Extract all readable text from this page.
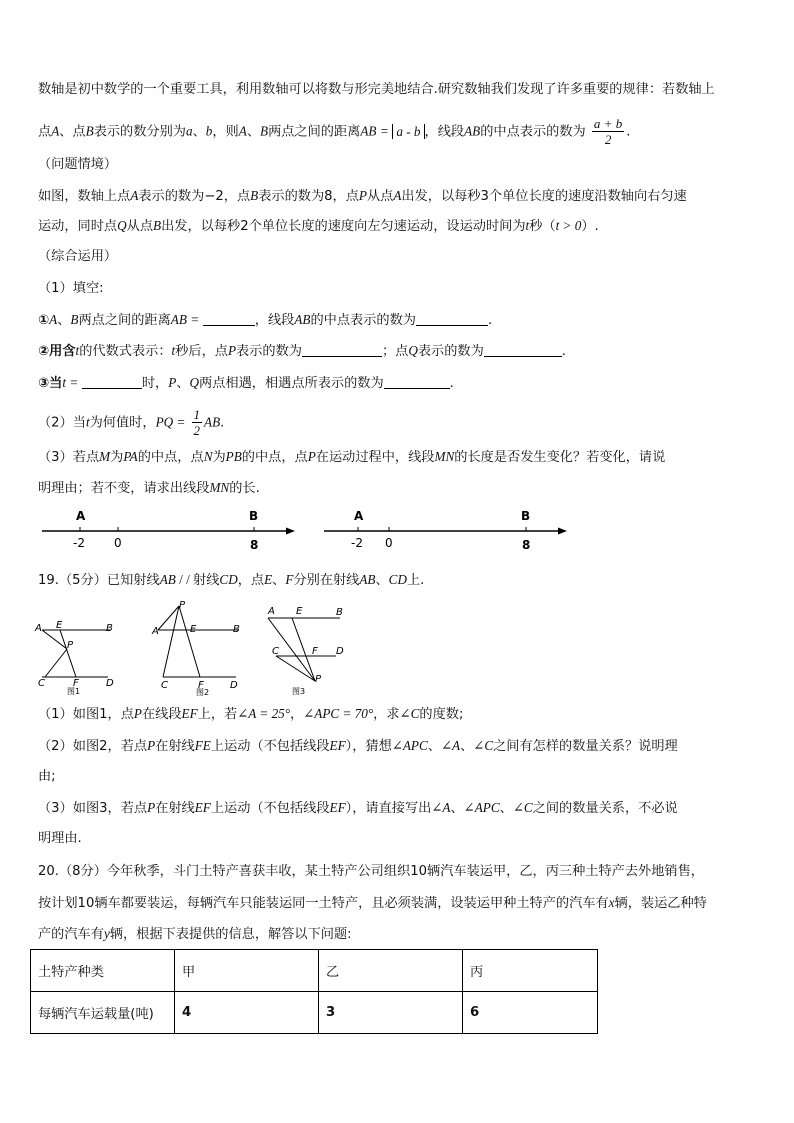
数轴是初中数学的一个重要工具，利用数轴可以将数与形完美地结合.研究数轴我们发现了许多重要的规律：若数轴上
点A、点B表示的数分别为a、b，则A、B两点之间的距离AB = a - b ，线段AB的中点表示的数为 $\frac{a + b}{2}$ .
（问题情境）
如图，数轴上点A表示的数为−2，点B表示的数为8，点P从点A出发，以每秒3个单位长度的速度沿数轴向右匀速
运动，同时点Q从点B出发，以每秒2个单位长度的速度向左匀速运动，设运动时间为t秒（t > 0）.
（综合运用）
（1）填空:
①A、B两点之间的距离AB =	，线段AB的中点表示的数为	.
②用含t的代数式表示：t秒后，点P表示的数为	；点Q表示的数为	.
③当t =	时，P、Q两点相遇，相遇点所表示的数为	.
（2）当t为何值时，PQ = $\frac{1}{2}$ AB.
（3）若点M为PA的中点，点N为PB的中点，点P在运动过程中，线段MN的长度是否发生变化？若变化，请说
明理由；若不变，请求出线段MN的长.
A	B
-2 0	8
A	B
-2 0	8
19.（5分）已知射线AB / / 射线CD，点E、F分别在射线AB、CD上.
A E	B
P
C	F	D
图1
P
A	E	B
C	F	D
图2
A E	B
C	F D
P
图3
（1）如图1，点P在线段EF上，若∠A = 25°，∠APC = 70°，求∠C的度数;
（2）如图2，若点P在射线FE上运动（不包括线段EF），猜想∠APC、∠A、∠C之间有怎样的数量关系？说明理
由;
（3）如图3，若点P在射线EF上运动（不包括线段EF），请直接写出∠A、∠APC、∠C之间的数量关系，不必说
明理由.
20.（8分）今年秋季，斗门土特产喜获丰收，某土特产公司组织10辆汽车装运甲，乙，丙三种土特产去外地销售，
按计划10辆车都要装运，每辆汽车只能装运同一土特产，且必须装满，设装运甲种土特产的汽车有x辆，装运乙种特
产的汽车有y辆，根据下表提供的信息，解答以下问题:
土特产种类	甲	乙	丙
每辆汽车运载量(吨)	4	3	6
